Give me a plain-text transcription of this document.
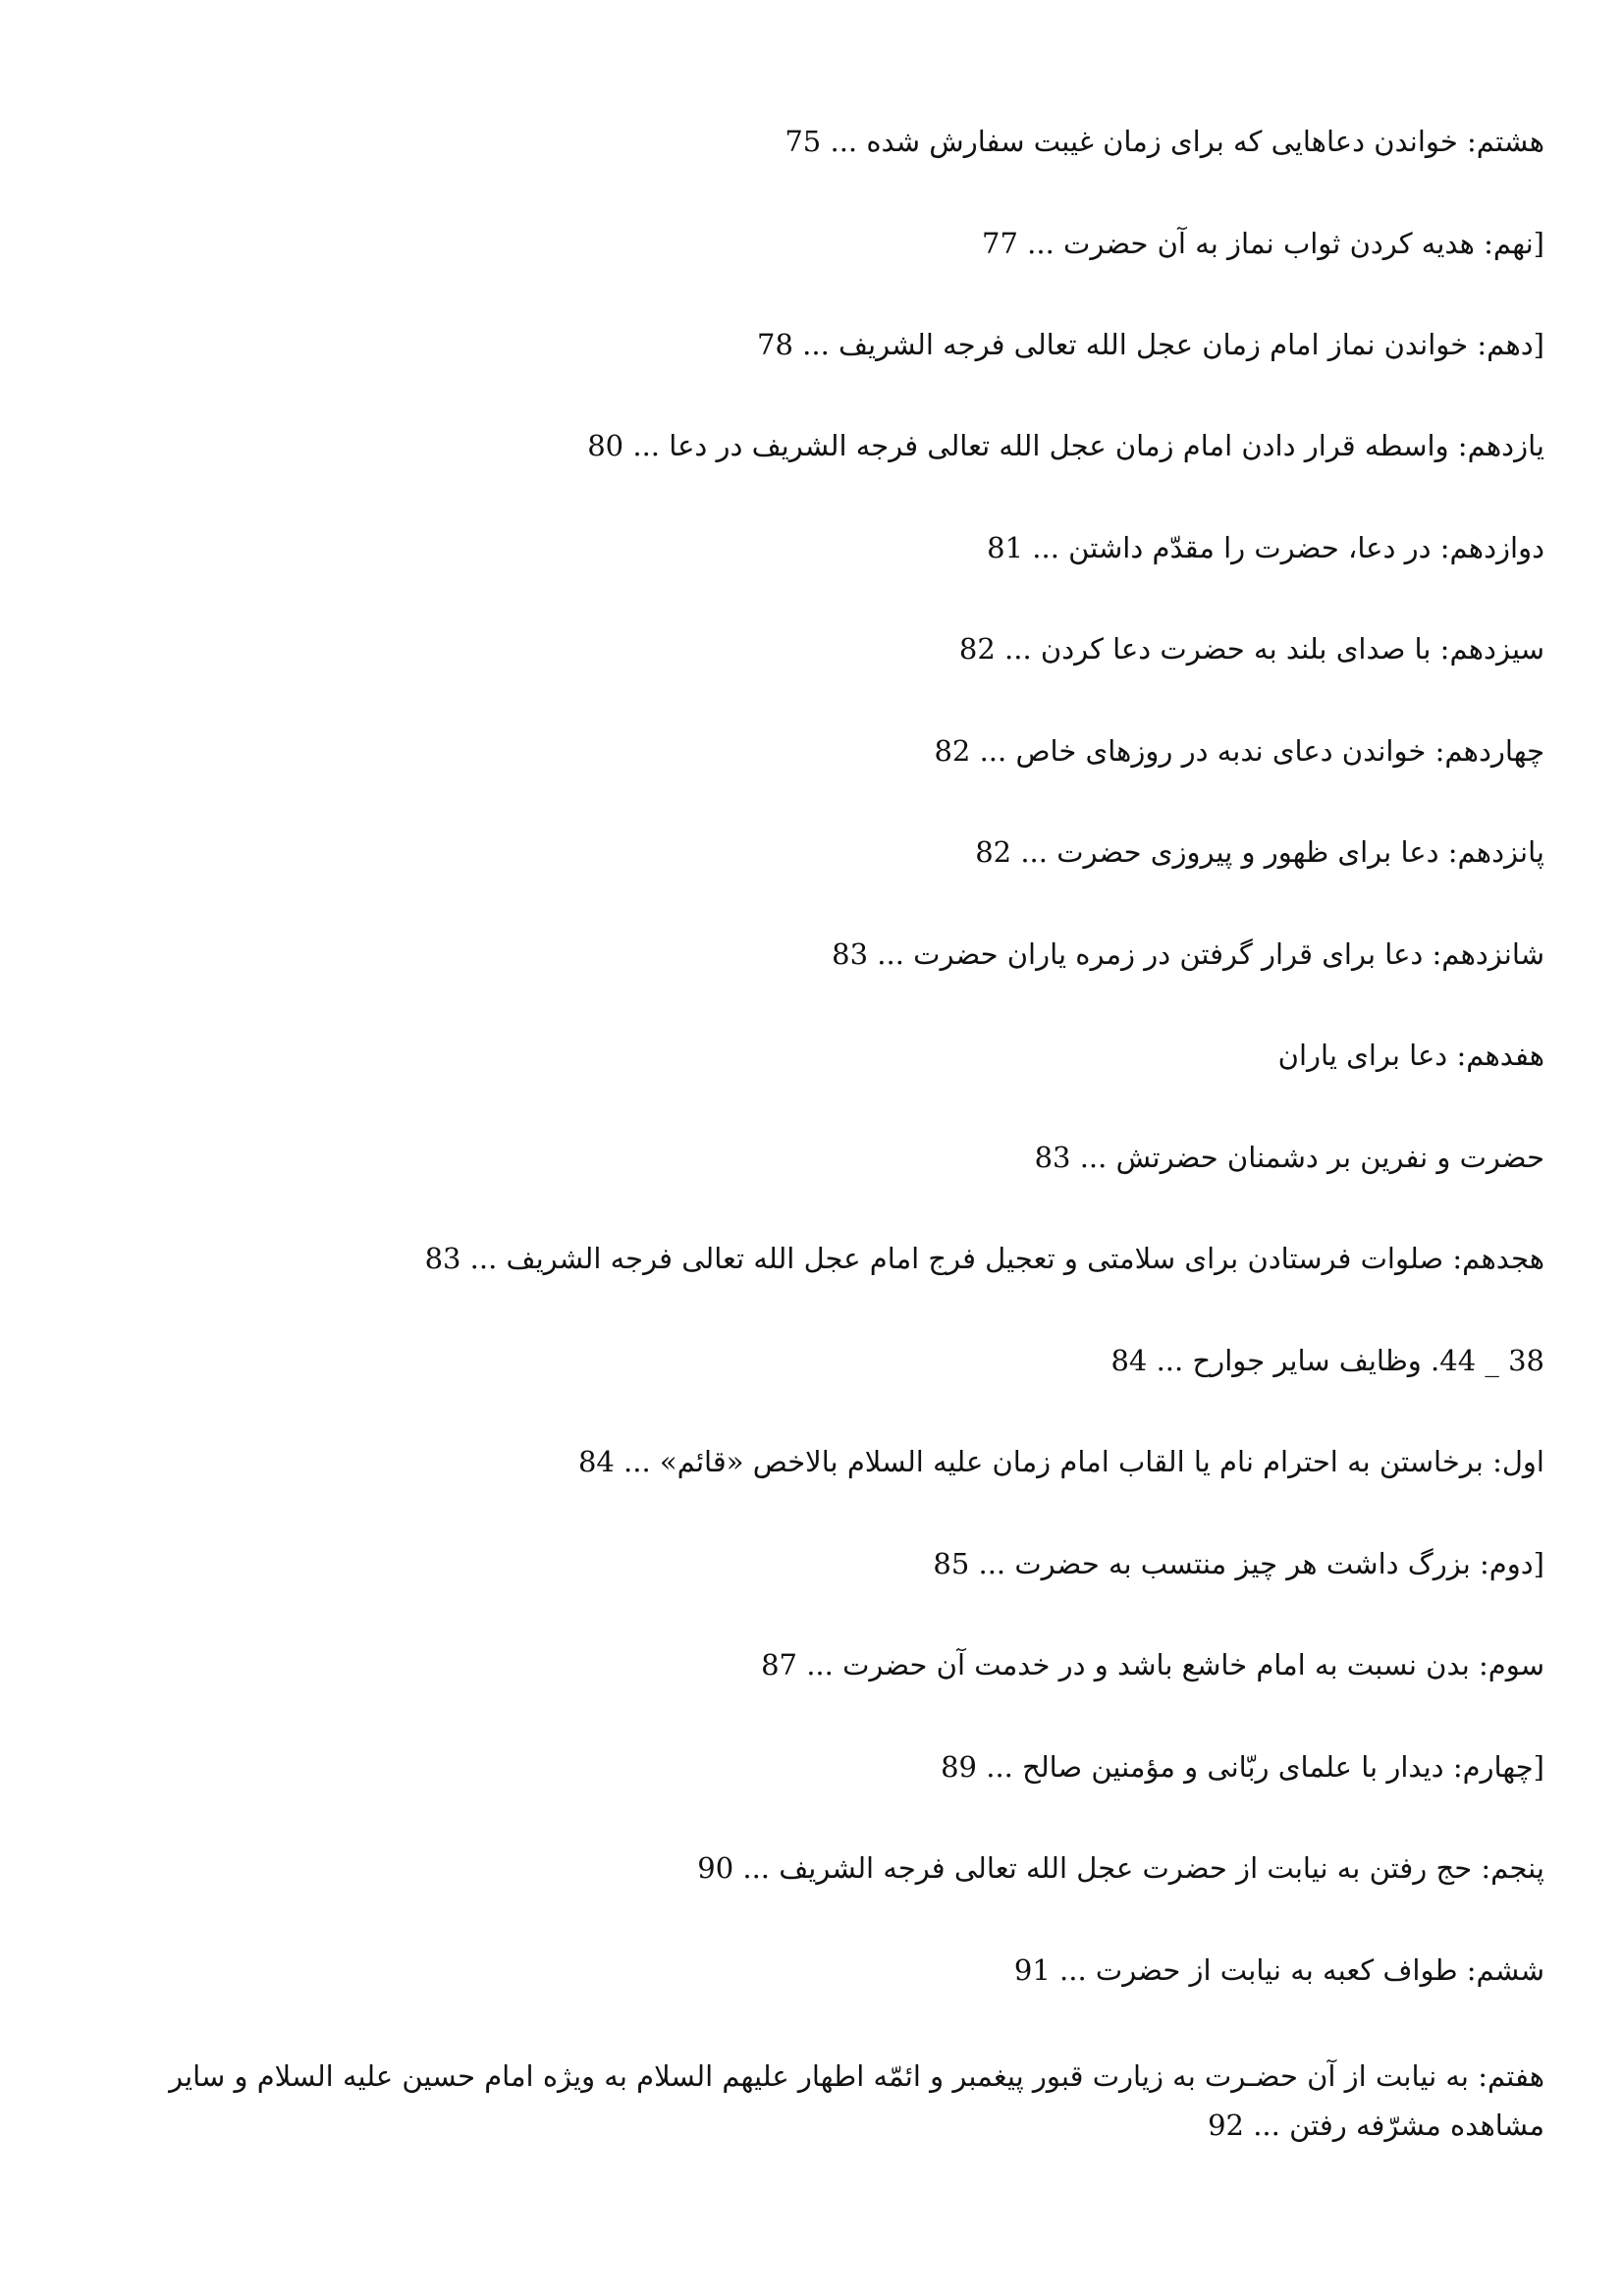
هشتم: خواندن دعاهایی که برای زمان غیبت سفارش شده ... 75
[نهم: هدیه کردن ثواب نماز به آن حضرت ... 77
[دهم: خواندن نماز امام زمان عجل الله تعالی فرجه الشریف ... 78
یازدهم: واسطه قرار دادن امام زمان عجل الله تعالی فرجه الشریف در دعا ... 80
دوازدهم: در دعا، حضرت را مقدّم داشتن ... 81
سیزدهم: با صدای بلند به حضرت دعا کردن ... 82
چهاردهم: خواندن دعای ندبه در روزهای خاص ... 82
پانزدهم: دعا برای ظهور و پیروزی حضرت ... 82
شانزدهم: دعا برای قرار گرفتن در زمره یاران حضرت ... 83
هفدهم: دعا برای یاران
حضرت و نفرین بر دشمنان حضرتش ... 83
هجدهم: صلوات فرستادن برای سلامتی و تعجیل فرج امام عجل الله تعالی فرجه الشریف ... 83
38 _ 44. وظایف سایر جوارح ... 84
اول: برخاستن به احترام نام یا القاب امام زمان علیه السلام بالاخص «قائم» ... 84
[دوم: بزرگ داشت هر چیز منتسب به حضرت ... 85
سوم: بدن نسبت به امام خاشع باشد و در خدمت آن حضرت ... 87
[چهارم: دیدار با علمای ربّانی و مؤمنین صالح ... 89
پنجم: حج رفتن به نیابت از حضرت عجل الله تعالی فرجه الشریف ... 90
ششم: طواف کعبه به نیابت از حضرت ... 91
هفتم: به نیابت از آن حضـرت به زیارت قبور پیغمبر و ائمّه اطهار علیهم السلام به ویژه امام حسین علیه السلام و سایر مشاهده مشرّفه رفتن ... 92
